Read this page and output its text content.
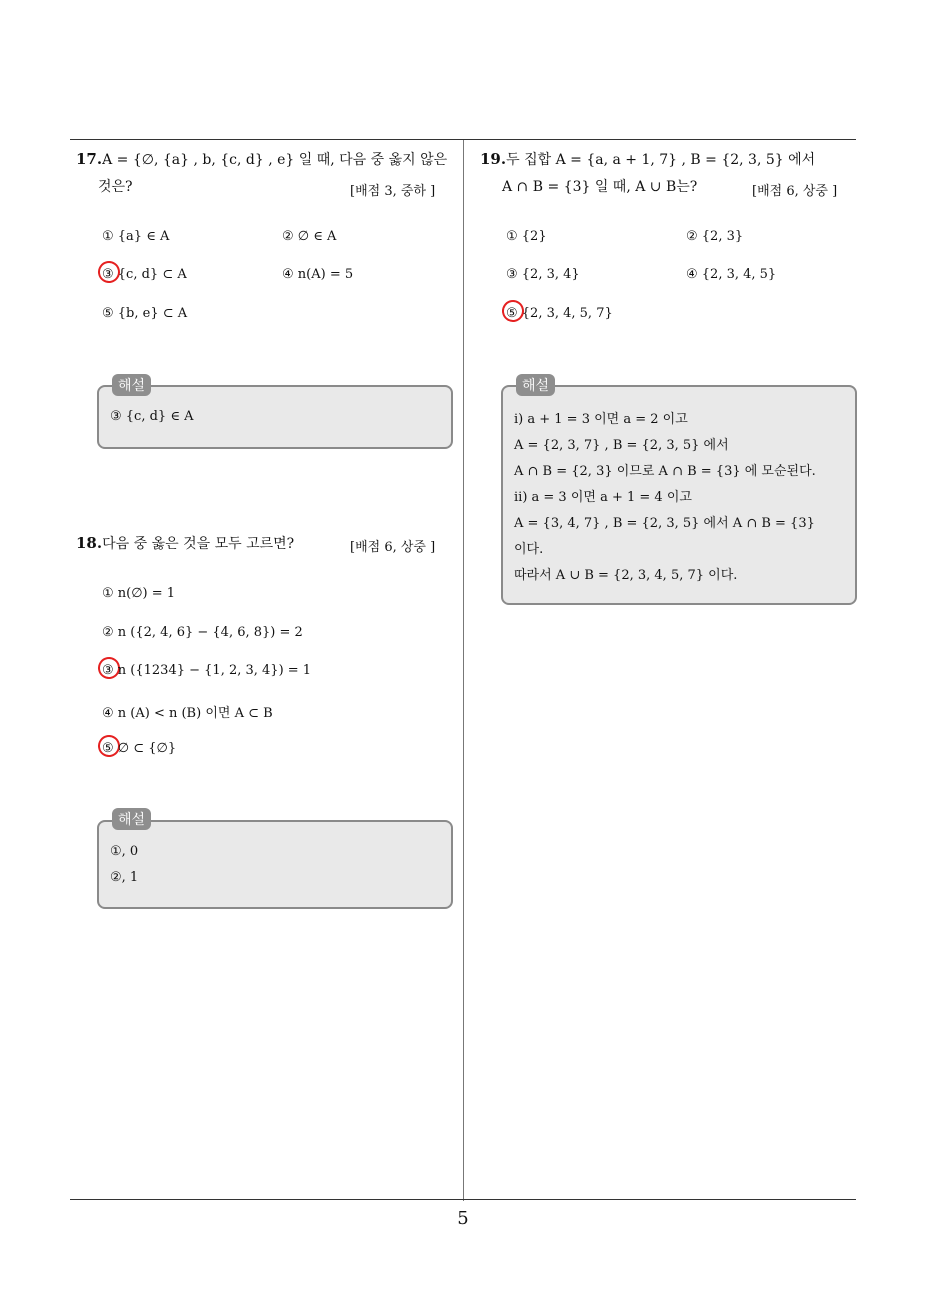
5
17.A = {∅, {a} , b, {c, d} , e} 일 때, 다음 중 옳지 않은
것은?	[배점 3, 중하 ]
① {a} ∈ A	② ∅ ∈ A
③ {c, d} ⊂ A	④ n(A) = 5
⑤ {b, e} ⊂ A
해설
③ {c, d} ∈ A
18.다음 중 옳은 것을 모두 고르면?	[배점 6, 상중 ]
① n(∅) = 1
② n ({2, 4, 6} − {4, 6, 8}) = 2
③ n ({1234} − {1, 2, 3, 4}) = 1
④ n (A) < n (B) 이면 A ⊂ B
⑤ ∅ ⊂ {∅}
해설
①, 0
②, 1
19.두 집합 A = {a, a + 1, 7} , B = {2, 3, 5} 에서
A ∩ B = {3} 일 때, A ∪ B는?	[배점 6, 상중 ]
① {2}	② {2, 3}
③ {2, 3, 4}	④ {2, 3, 4, 5}
⑤ {2, 3, 4, 5, 7}
해설
ⅰ) a + 1 = 3 이면 a = 2 이고
A = {2, 3, 7} , B = {2, 3, 5} 에서
A ∩ B = {2, 3} 이므로 A ∩ B = {3} 에 모순된다.
ⅱ) a = 3 이면 a + 1 = 4 이고
A = {3, 4, 7} , B = {2, 3, 5} 에서 A ∩ B = {3}
이다.
따라서 A ∪ B = {2, 3, 4, 5, 7} 이다.
